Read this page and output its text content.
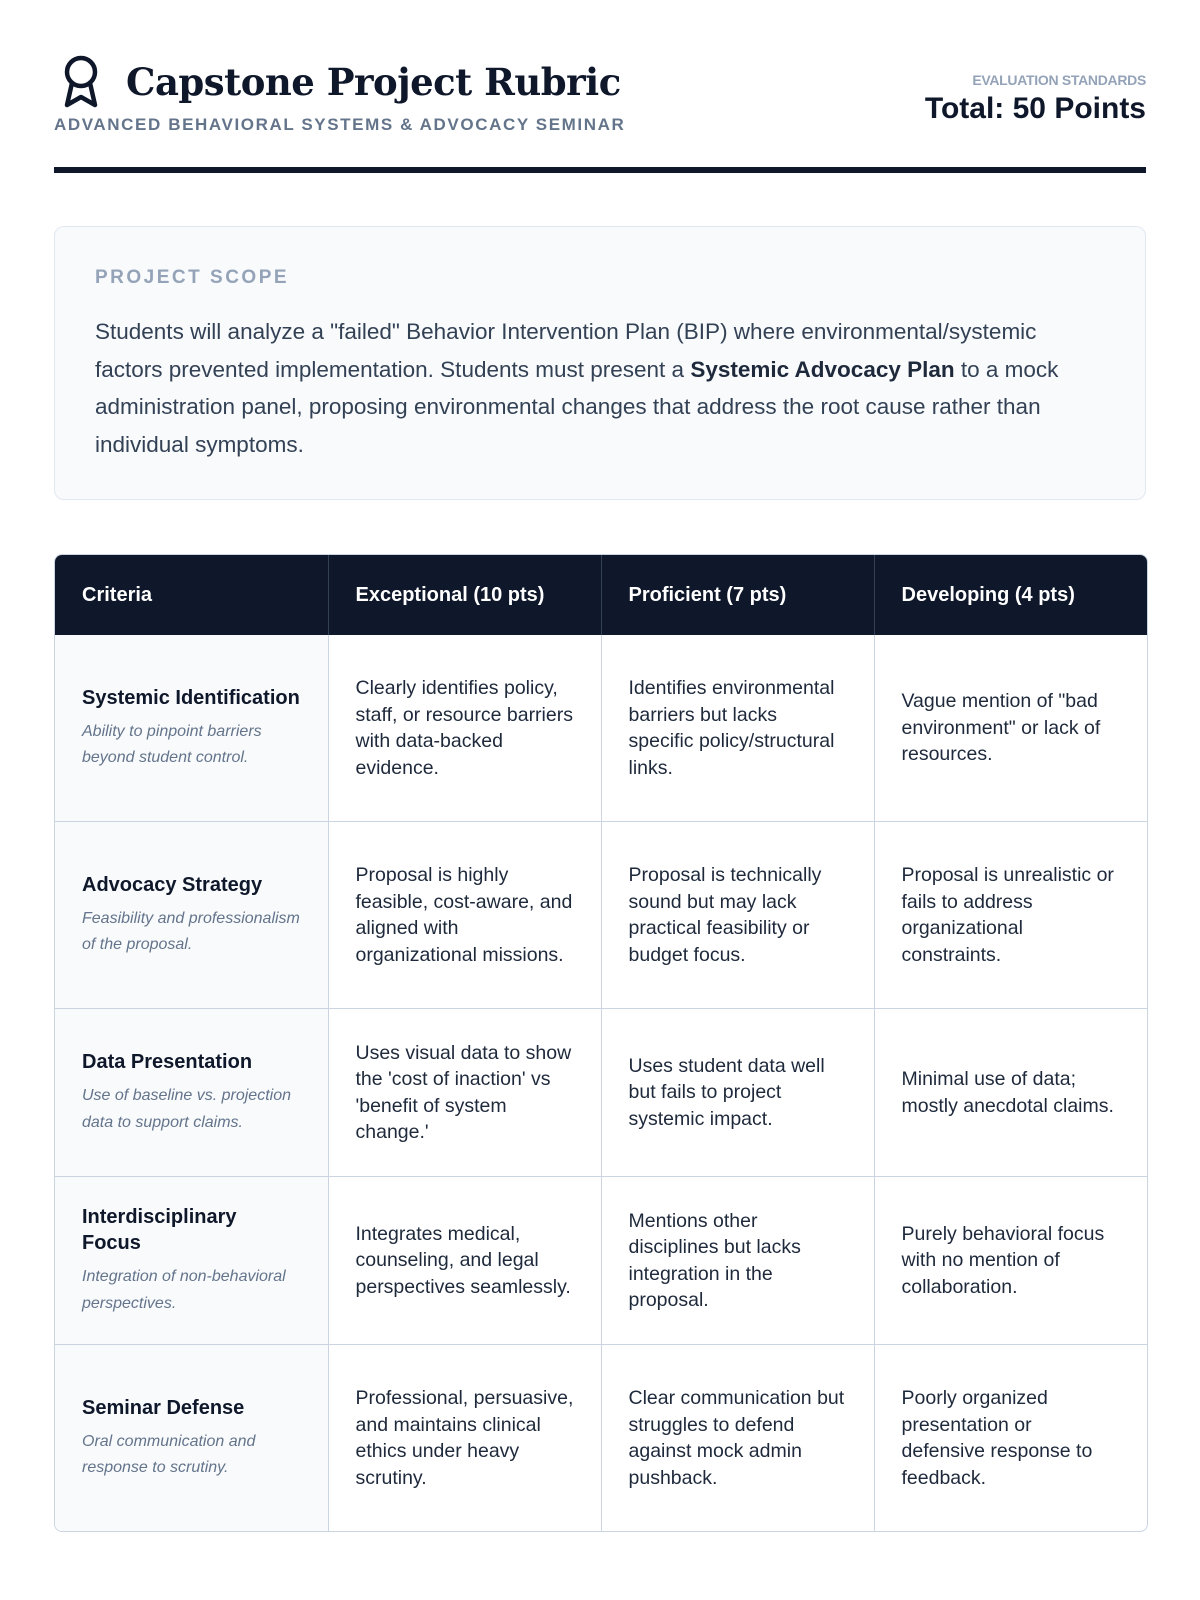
Capstone Project Rubric
ADVANCED BEHAVIORAL SYSTEMS & ADVOCACY SEMINAR
EVALUATION STANDARDS
Total: 50 Points
PROJECT SCOPE
Students will analyze a "failed" Behavior Intervention Plan (BIP) where environmental/systemic factors prevented implementation. Students must present a Systemic Advocacy Plan to a mock administration panel, proposing environmental changes that address the root cause rather than individual symptoms.
Criteria	Exceptional (10 pts)	Proficient (7 pts)	Developing (4 pts)

Systemic Identification
Ability to pinpoint barriers beyond student control.	Clearly identifies policy, staff, or resource barriers with data-backed evidence.	Identifies environmental barriers but lacks specific policy/structural links.	Vague mention of "bad environment" or lack of resources.

Advocacy Strategy
Feasibility and professionalism of the proposal.	Proposal is highly feasible, cost-aware, and aligned with organizational missions.	Proposal is technically sound but may lack practical feasibility or budget focus.	Proposal is unrealistic or fails to address organizational constraints.

Data Presentation
Use of baseline vs. projection data to support claims.	Uses visual data to show the 'cost of inaction' vs 'benefit of system change.'	Uses student data well but fails to project systemic impact.	Minimal use of data; mostly anecdotal claims.

Interdisciplinary Focus
Integration of non-behavioral perspectives.	Integrates medical, counseling, and legal perspectives seamlessly.	Mentions other disciplines but lacks integration in the proposal.	Purely behavioral focus with no mention of collaboration.

Seminar Defense
Oral communication and response to scrutiny.	Professional, persuasive, and maintains clinical ethics under heavy scrutiny.	Clear communication but struggles to defend against mock admin pushback.	Poorly organized presentation or defensive response to feedback.
